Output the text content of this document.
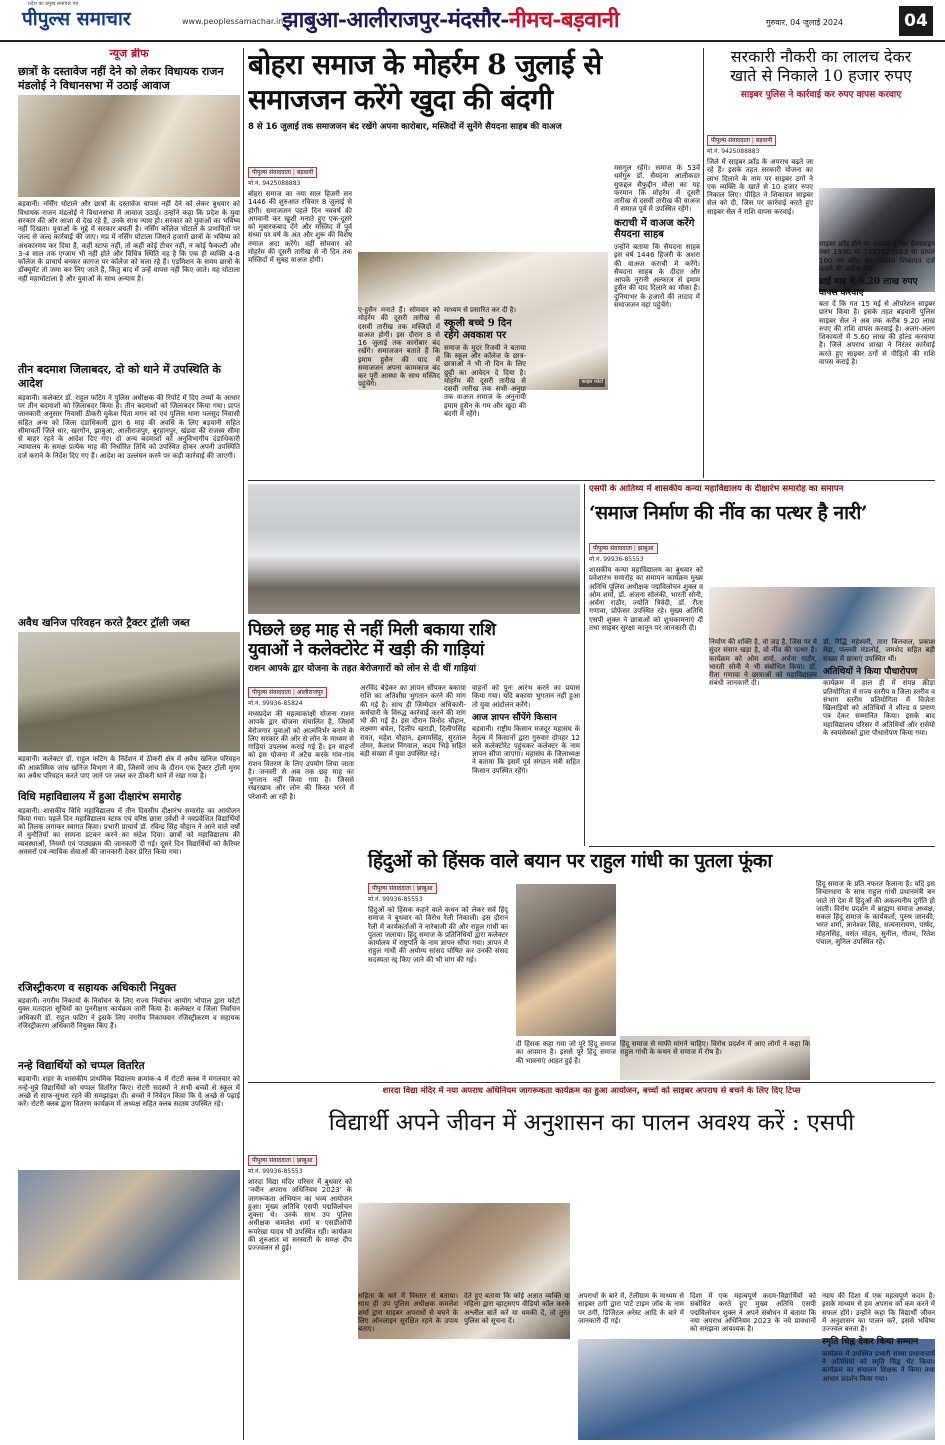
प्रदेश का प्रमुख समाचार पत्र
पीपुल्स समाचार	www.peoplessamachar.in
झाबुआ-आलीराजपुर-मंदसौर-नीमच-बड़वानी	गुरुवार, 04 जुलाई 2024	04
न्यूज ब्रीफ
छात्रों के दस्तावेज नहीं देने को लेकर विधायक राजन मंडलोई ने विधानसभा में उठाई आवाज

बड़वानी। नर्सिंग घोटाले और छात्रों के दस्तावेज वापस नहीं देने को लेकर बुधवार को विधायक राजन मंडलोई ने विधानसभा में आवाज उठाई। उन्होंने कहा कि प्रदेश के युवा सरकार की ओर आशा से देख रहे हैं, उनके साथ न्याय हो। सरकार को युवाओं का भविष्य नहीं दिखता। युवाओं के मुद्दे में सरकार बचती है। नर्सिंग कॉलेज घोटाले के प्रभावितों पर जल्द से जल्द कार्रवाई की जाए। मप्र में नर्सिंग घोटाला जिसने हजारों छात्रों के भविष्य को अंधकारमय कर दिया है, कहीं स्टाफ नहीं, तो कहीं कोई टीचर नहीं, न कोई फैकल्टी और 3-4 साल तक एग्जाम भी नहीं होते और विचित्र स्थिति यह है कि एक ही व्यक्ति 4-8 कॉलेज के प्राचार्य बनकर कागज पर कॉलेज को चला रहे हैं। एडमिशन के समय छात्रों के डॉक्यूमेंट तो जमा कर लिए जाते हैं, किंतु बाद में उन्हें वापस नहीं किए जाते। यह घोटाला नहीं महाघोटाला है और युवाओं के साथ अन्याय है।

तीन बदमाश जिलाबदर, दो को थाने में उपस्थिति के आदेश

बड़वानी। कलेक्टर डॉ. राहुल फटिंग ने पुलिस अधीक्षक की रिपोर्ट में दिए तथ्यों के आधार पर तीन बदमाशों को जिलाबदर किया है। तीन बदमाशों को जिलाबदर किया गया। प्राप्त जानकारी अनुसार निवासी ठीकरी मुकेश पिता मगन को एवं पुलिस थाना पलसूद निवासी सहित अन्य को जिला दंडाधिकारी द्वारा 6 माह की अवधि के लिए बड़वानी सहित सीमावर्ती जिले धार, खरगोन, झाबुआ, आलीराजपुर, बुरहानपुर, खंडवा की राजस्व सीमा से बाहर रहने के आदेश दिए गए। दो अन्य बदमाशों को अनुविभागीय दंडाधिकारी न्यायालय के समक्ष प्रत्येक माह की निर्धारित तिथि को उपस्थित होकर अपनी उपस्थिति दर्ज कराने के निर्देश दिए गए हैं। आदेश का उल्लंघन करने पर कड़ी कार्रवाई की जाएगी।

अवैध खनिज परिवहन करते ट्रैक्टर ट्रॉली जब्त

बड़वानी। कलेक्टर डॉ. राहुल फटिंग के निर्देशन में ठीकरी क्षेत्र में अवैध खनिज परिवहन की आकस्मिक जांच खनिज विभाग ने की, जिसमें जांच के दौरान एक ट्रैक्टर ट्रॉली मुरम का अवैध परिवहन करते पाए जाने पर जब्त कर ठीकरी थाने में रखा गया है।

विधि महाविद्यालय में हुआ दीक्षारंभ समारोह

बड़वानी। शासकीय विधि महाविद्यालय में तीन दिवसीय दीक्षारंभ समारोह का आयोजन किया गया। पहले दिन महाविद्यालय स्टाफ एवं वरिष्ठ छात्रा उर्वशी ने नवप्रवेशित विद्यार्थियों को तिलक लगाकर स्वागत किया। प्रभारी प्राचार्य डॉ. रविन्द्र सिंह चौहान ने आने वाले वर्षों में चुनौतियों का सामना डटकर करने का संदेश दिया। छात्रों को महाविद्यालय की व्यवस्थाओं, नियमों एवं पाठ्यक्रम की जानकारी दी गई। दूसरे दिन विद्यार्थियों को कैरियर अवसरों एवं न्यायिक सेवाओं की जानकारी देकर प्रेरित किया गया।

रजिस्ट्रीकरण व सहायक अधिकारी नियुक्त

बड़वानी। नगरीय निकायों के निर्वाचन के लिए राज्य निर्वाचन आयोग भोपाल द्वारा फोटो युक्त मतदाता सूचियों का पुनरीक्षण कार्यक्रम जारी किया है। कलेक्टर व जिला निर्वाचन अधिकारी डॉ. राहुल फटिंग ने इसके लिए नगरीय निकायवार रजिस्ट्रीकरण व सहायक रजिस्ट्रीकरण अधिकारी नियुक्त किए हैं।

नन्हे विद्यार्थियों को चप्पल वितरित

बड़वानी। शहर के शासकीय प्राथमिक विद्यालय क्रमांक-4 में रोटरी क्लब ने मंगलवार को नन्हे-मुन्ने विद्यार्थियों को चप्पल वितरित किए। रोटरी सदस्यों ने सभी बच्चों से स्कूल में अच्छे से साफ-सुथरा रहने की समझाइश दी। बच्चों ने निवेदन किया कि वे अच्छे से पढ़ाई करें। रोटरी क्लब द्वारा वितरण कार्यक्रम में अध्यक्ष सहित क्लब सदस्य उपस्थित रहे।

बोहरा समाज के मोहर्रम 8 जुलाई से
समाजजन करेंगे खुदा की बंदगी
8 से 16 जुलाई तक समाजजन बंद रखेंगे अपना कारोबार, मस्जिदों में सुनेंगे सैयदना साहब की वाअज
पीपुल्स संवाददाता | बड़वानी
मो.नं. 9425088883

बोहरा समाज का नया साल हिजरी सन 1446 की शुरुआत रविवार 8 जुलाई से होगी। समाजजन पहले दिन नववर्ष की अगवानी कर खुशी मनाते हुए एक-दूसरे को मुबारकबाद देंगे और मस्जिद में पूर्व संध्या पर वर्ष के अंत और शुरू की विशेष नमाज अदा करेंगे। वहीं सोमवार को मोहर्रम की दूसरी तारीख से नौ दिन तक मस्जिदों में सुबह वाअज होगी।

फाइल फोटो

ए-हुसैन मनाते हैं। सोमवार को मोहर्रम की दूसरी तारीख से दसवीं तारीख तक मस्जिदों में वाअज होगी। इस दौरान 8 से 16 जुलाई तक कारोबार बंद रखेंगे। समाजजन बताते हैं कि इमाम हुसैन की याद में समाजजन अपना कामकाज बंद कर पूरी आस्था के साथ मस्जिद पहुंचेंगे।

माध्यम से प्रसारित कर दी है।

स्कूली बच्चे 9 दिन रहेंगे अवकाश पर

समाज के मुदर रिजवी ने बताया कि स्कूल और कॉलेज के छात्र-छात्राओं ने भी नौ दिन के लिए छुट्टी का आवेदन दे दिया है। मोहर्रम की दूसरी तारीख से दसवीं तारीख तक सभी अनुग्रा तक वाअज समाज के अनुनायी इमाम हुसैन के गम और खुदा की बंदगी में रहेंगे।

मसगूल रहेंगे। समाज के 53वें धर्मगुरु डॉ. सैयदना आलीकदर मुफद्दल सैफुद्दीन मौला का यह फरमान कि मोहर्रम में दूसरी तारीख से दसवीं तारीख की वाअज में समाज पूर्व में उपस्थित रहेंगे।

कराची में वाअज करेंगे सैयदना साहब

उन्होंने बताया कि सैयदना साहब इस वर्ष 1446 हिजरी के अशरा की वाअज कराची में करेंगे। सैयदना साहब के दीदार और आपके नूरानी अल्फाज से इमाम हुसैन की याद दिलाने का मौका है। दुनियाभर के हजारों की तादाद में समाजजन वहां पहुंचेंगे।

सरकारी नौकरी का लालच देकर
खाते से निकाले 10 हजार रुपए
साइबर पुलिस ने कार्रवाई कर रुपए वापस करवाए
पीपुल्स संवाददाता | बड़वानी
मो.नं. 9425088883

जिले में साइबर फ्रॉड के अपराध बढ़ते जा रहे हैं। इसके तहत सरकारी योजना का लाभ दिलाने के नाम पर साइबर ठगों ने एक व्यक्ति के खाते से 10 हजार रुपए निकाल लिए। पीड़ित ने शिकायत साइबर सेल को दी, जिस पर कार्रवाई करते हुए साइबर सेल ने राशि वापस करवाई।

साइबर फ्रॉड होने पर तत्काल पुलिस हेल्पलाइन नंबर 1930 या 7587620263 या डायल 100 पर कॉल कर तत्काल शिकायत दर्ज कराने की अपील की।

ढाई माह में 9.20 लाख रुपए वापस करवाए

बता दें कि गत 15 मई से ऑपरेशन साइबर प्रारंभ किया है। इसके तहत बड़वानी पुलिस साइबर सेल ने अब तक करीब 9.20 लाख रुपए की राशि वापस करवाई है। अलग-अलग शिकायतों में 5.60 लाख की होल्ड करवाया है। जिले अपराध शाखा ने निरंतर कार्रवाई करते हुए साइबर ठगों से पीड़ितों की राशि वापस कराई है।

पिछले छह माह से नहीं मिली बकाया राशि
युवाओं ने कलेक्टोरेट में खड़ी की गाड़ियां
राशन आपके द्वार योजना के तहत बेरोजगारों को लोन से दी थीं गाड़ियां
पीपुल्स संवाददाता | आलीराजपुर
मो.नं. 99936-85824

मध्यप्रदेश की महत्वाकांक्षी योजना राशन आपके द्वार योजना संचालित है, जिसमें बेरोजगार युवाओं को आत्मनिर्भर बनाने के लिए सरकार की ओर से लोन के माध्यम से गाड़ियां उपलब्ध कराई गई हैं। इन वाहनों को इस योजना में अटैच करके गांव-गांव राशन वितरण के लिए उपयोग लिया जाता है। जनवरी से अब तक छह माह का भुगतान नहीं किया गया है। जिससे रखरखाव और लोन की किस्त भरने में परेशानी आ रही है।

अरविंद बेड़ेकर का ज्ञापन सौंपकर बकाया राशि का अतिशीघ्र भुगतान करने की मांग की गई है। साथ ही जिम्मेदार अधिकारी-कर्मचारी के विरुद्ध कार्रवाई करने की मांग भी की गई है। इस दौरान विनोद चौहान, लक्ष्मण बघेल, दिलीप खराड़ी, दिलीपसिंह रावत, महेश चौहान, इलायसिंह, सुरताल तोमर, कैलाश निंगवाल, कदम भिड़े सहित बड़ी संख्या में युवा उपस्थित रहे।

वाहनों को पुनः आरंभ करने का प्रयास किया गया। यदि बकाया भुगतान नहीं हुआ तो युवा आंदोलन करेंगे।

आज ज्ञापन सौंपेंगे किसान

बड़वानी। राष्ट्रीय किसान मजदूर महासंघ के नेतृत्व में किसानों द्वारा गुरुवार दोपहर 12 बजे कलेक्टोरेट पहुंचकर कलेक्टर के नाम ज्ञापन सौंपा जाएगा। महासंघ के जिलाध्यक्ष ने बताया कि इसमें पूर्व संगठन मंत्री सहित किसान उपस्थित रहेंगे।

एसपी के आतिथ्य में शासकीय कन्या महाविद्यालय के दीक्षारंभ समारोह का समापन
‘समाज निर्माण की नींव का पत्थर है नारी’
पीपुल्स संवाददाता | झाबुआ
मो.नं. 99936-85553

शासकीय कन्या महाविद्यालय का बुधवार को प्रवेशारंभ समारोह का समापन कार्यक्रम मुख्य अतिथि पुलिस अधीक्षक पद्मविलोचन शुक्ल व ओम शर्मा, डॉ. अंजना सोलंकी, भारती सोनी, अर्चना राठौर, ज्योति त्रिवेदी, डॉ. रीता गणावा, प्रोफेसर उपस्थित रहे। मुख्य अतिथि एसपी शुक्ल ने छात्राओं को शुभकामनाएं दीं तथा साइबर सुरक्षा कानून पर जानकारी दी।

निर्माण की शक्ति है, वो जड़ है, जिस पर ये सुंदर संसार खड़ा है, वो नींव की पत्थर है। कार्यक्रम को ओम शर्मा, अर्चना राठौर, भारती सोनी ने भी संबोधित किया। डॉ. रीता गणावा ने छात्राओं को महाविद्यालय संबंधी जानकारी दी।

डॉ. रिद्धि महेश्वरी, तारा बिलवाल, प्रकाश मेड़ा, पल्लवी मंडलोई, जमशेद सहित बड़ी संख्या में छात्राएं उपस्थित थीं।

अतिथियों ने किया पौधारोपण

कार्यक्रम में हाल ही में संपन्न क्रीड़ा प्रतियोगिता में राज्य स्तरीय व जिला स्तरीय व संभाग स्तरीय प्रतियोगिता में विजेता खिलाड़ियों को अतिथियों ने शील्ड व प्रमाण पत्र देकर सम्मानित किया। इसके बाद महाविद्यालय परिसर में अतिथियों और रासेयो के स्वयंसेवकों द्वारा पौधारोपण किया गया।

हिंदुओं को हिंसक वाले बयान पर राहुल गांधी का पुतला फूंका
पीपुल्स संवाददाता | झाबुआ
मो.नं. 99936-85553

हिंदुओं को हिंसक कहने वाले कथन को लेकर सर्व हिंदू समाज ने बुधवार को विरोध रैली निकाली। इस दौरान रैली में कार्यकर्ताओं ने नारेबाजी की और राहुल गांधी का पुतला जलाया। हिंदू समाज के प्रतिनिधियों द्वारा कलेक्टर कार्यालय में राष्ट्रपति के नाम ज्ञापन सौंपा गया। ज्ञापन में राहुल गांधी की अयोग्य सांसद घोषित कर उनकी संसद सदस्यता रद्द किए जाने की भी मांग की गई।

दी हिंसक कहा गया जो पूरे हिंदू समाज का अपमान है। इससे पूरे हिंदू समाज की भावनाएं आहत हुई हैं।

हिंदू समाज से माफी मांगने चाहिए। विरोध प्रदर्शन में आए लोगों ने कहा कि राहुल गांधी के कथन से समाज में रोष है।

हिंदू समाज के प्रति नफरत फैलाना है। यदि इस विचारधारा के साथ राहुल गांधी प्रधानमंत्री बन जाते तो देश में हिंदुओं की अकल्पनीय दुर्गति हो जाती। विरोध प्रदर्शन में ब्राह्मण समाज अध्यक्ष, सकल हिंदू समाज के कार्यकर्ता, पुरुष जानकी, भरत शर्मा, ज्ञानेश्वर सिंह, सत्यनारायण, पार्षद, मोहनसिंह, वसंत मोहन, सुनील, गौतम, रितेश पंचाल, सुनिल उपस्थित रहे।

शारदा विद्या मंदिर में नया अपराध अधिनियम जागरूकता कार्यक्रम का हुआ आयोजन, बच्चों को साइबर अपराध से बचने के लिए दिए टिप्स
विद्यार्थी अपने जीवन में अनुशासन का पालन अवश्य करें : एसपी
पीपुल्स संवाददाता | झाबुआ
मो.नं. 99936-85553

शारदा विद्या मंदिर परिसर में बुधवार को ‘नवीन अपराध अधिनियम 2023’ के जागरूकता अभियान का भव्य आयोजन हुआ। मुख्य अतिथि एसपी पद्मविलोचन शुक्ला थे। उनके साथ उप पुलिस अधीक्षक कमलेश शर्मा व एसडीओपी रूपरेखा यादव भी उपस्थित रहीं। कार्यक्रम की शुरुआत मां सरस्वती के समक्ष दीप प्रज्ज्वलन से हुई।

सहिता के बारे में विस्तार से बताया। साथ ही उप पुलिस अधीक्षक कमलेश शर्मा द्वारा साइबर अपराधों से बचने के लिए ऑनलाइन सुरक्षित रहने के उपाय बताए।

देते हुए बताया कि कोई अज्ञात व्यक्ति या महिला द्वारा व्हाट्सएप वीडियो कॉल करके अश्लील बातें करें या धमकी दें, तो तुरंत पुलिस को सूचना दें।

अपराधों के बारे में, टेलीग्राम के माध्यम से साइबर ठगी द्वारा पार्ट टाइम जॉब के नाम पर ठगी, डिजिटल अरेस्ट आदि के बारे में जानकारी दी गई।

दिशा में एक महत्वपूर्ण कदम-विद्यार्थियों को संबोधित करते हुए मुख्य अतिथि एसपी पद्मविलोचन शुक्ल ने अपने संबोधन में बताया कि नया अपराध अधिनियम 2023 के नये प्रावधानों को समझना आवश्यक है।

न्याय की दिशा में एक महत्वपूर्ण कदम है। इसके माध्यम से हम अपराध को कम करने में सफल होंगे। उन्होंने कहा कि विद्यार्थी जीवन में अनुशासन का पालन करें, इससे भविष्य उज्ज्वल बनता है।

स्मृति चिह्न देकर किया सम्मान

कार्यक्रम में उपस्थित प्रभारी संस्था प्रधानाचार्य ने अतिथियों को स्मृति चिह्न भेंट किया। कार्यक्रम का संचालन शिक्षक ने किया तथा आभार प्रदर्शन किया गया।
